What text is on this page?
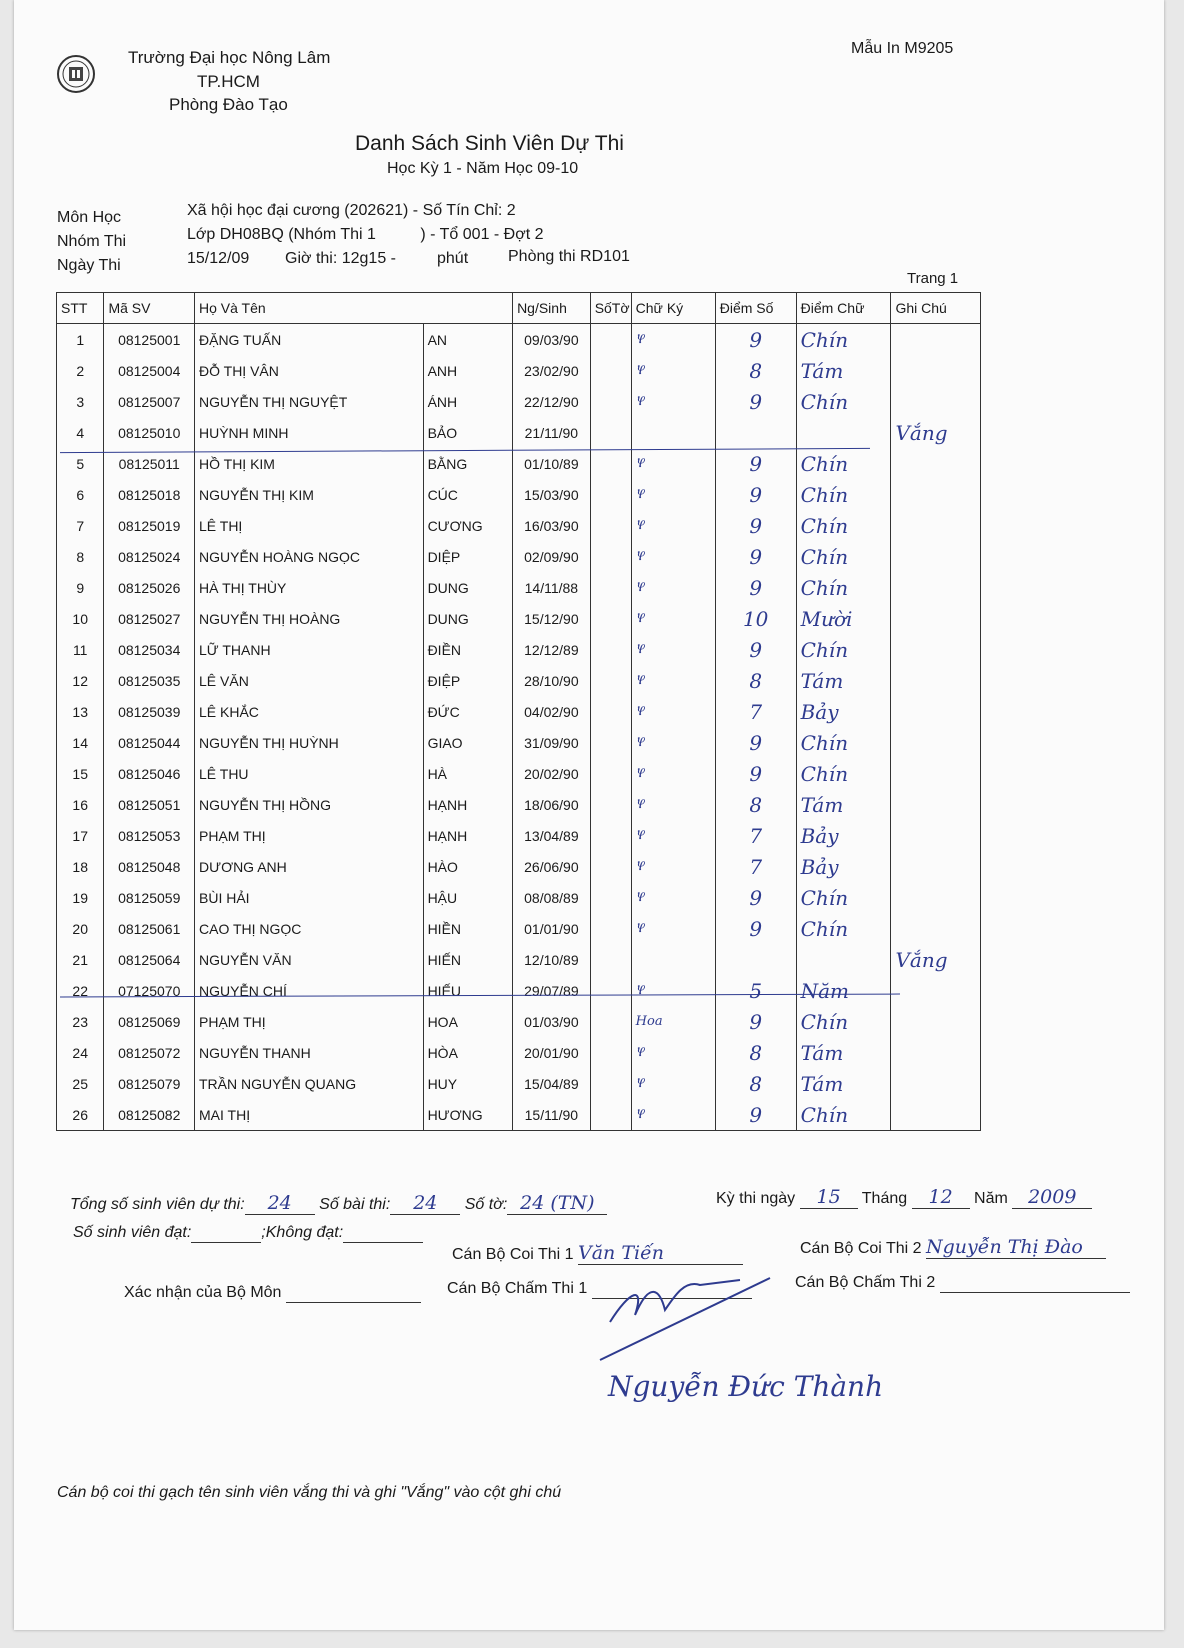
Trường Đại học Nông Lâm
TP.HCM
Phòng Đào Tạo
Mẫu In M9205
Danh Sách Sinh Viên Dự Thi
Học Kỳ 1 - Năm Học 09-10
Môn Học	Xã hội học đại cương (202621) - Số Tín Chỉ: 2
Nhóm Thi	Lớp DH08BQ (Nhóm Thi 1          ) - Tổ 001 - Đợt 2
Ngày Thi	15/12/09 Giờ thi: 12g15 -	phút Phòng thi RD101
Trang 1
STT	Mã SV	Họ Và Tên		Ng/Sinh	SốTờ	Chữ Ký	Điểm Số	Điểm Chữ	Ghi Chú
1	08125001	ĐẶNG TUẤN	AN	09/03/90		Ⳡ	9	Chín	
2	08125004	ĐỖ THỊ VÂN	ANH	23/02/90		Ⳡ	8	Tám	
3	08125007	NGUYỄN THỊ NGUYỆT	ÁNH	22/12/90		Ⳡ	9	Chín	
4	08125010	HUỲNH MINH	BẢO	21/11/90					Vắng
5	08125011	HỒ THỊ KIM	BẰNG	01/10/89		Ⳡ	9	Chín	
6	08125018	NGUYỄN THỊ KIM	CÚC	15/03/90		Ⳡ	9	Chín	
7	08125019	LÊ THỊ	CƯƠNG	16/03/90		Ⳡ	9	Chín	
8	08125024	NGUYỄN HOÀNG NGỌC	DIỆP	02/09/90		Ⳡ	9	Chín	
9	08125026	HÀ THỊ THÙY	DUNG	14/11/88		Ⳡ	9	Chín	
10	08125027	NGUYỄN THỊ HOÀNG	DUNG	15/12/90		Ⳡ	10	Mười	
11	08125034	LỮ THANH	ĐIỀN	12/12/89		Ⳡ	9	Chín	
12	08125035	LÊ VĂN	ĐIỆP	28/10/90		Ⳡ	8	Tám	
13	08125039	LÊ KHẮC	ĐỨC	04/02/90		Ⳡ	7	Bảy	
14	08125044	NGUYỄN THỊ HUỲNH	GIAO	31/09/90		Ⳡ	9	Chín	
15	08125046	LÊ THU	HÀ	20/02/90		Ⳡ	9	Chín	
16	08125051	NGUYỄN THỊ HỒNG	HẠNH	18/06/90		Ⳡ	8	Tám	
17	08125053	PHẠM THỊ	HẠNH	13/04/89		Ⳡ	7	Bảy	
18	08125048	DƯƠNG ANH	HÀO	26/06/90		Ⳡ	7	Bảy	
19	08125059	BÙI HẢI	HẬU	08/08/89		Ⳡ	9	Chín	
20	08125061	CAO THỊ NGỌC	HIỀN	01/01/90		Ⳡ	9	Chín	
21	08125064	NGUYỄN VĂN	HIẾN	12/10/89					Vắng
22	07125070	NGUYỄN CHÍ	HIẾU	29/07/89		Ⳡ	5	Năm	
23	08125069	PHẠM THỊ	HOA	01/03/90		Hoa	9	Chín	
24	08125072	NGUYỄN THANH	HÒA	20/01/90		Ⳡ	8	Tám	
25	08125079	TRẦN NGUYỄN QUANG	HUY	15/04/89		Ⳡ	8	Tám	
26	08125082	MAI THỊ	HƯƠNG	15/11/90		Ⳡ	9	Chín	
Tổng số sinh viên dự thi: 24 Số bài thi: 24 Số tờ: 24 (TN)	Kỳ thi ngày 15 Tháng 12 Năm 2009
Số sinh viên đạt:	;Không đạt:
Cán Bộ Coi Thi 1 Văn Tiến	Cán Bộ Coi Thi 2 Nguyễn Thị Đào
Xác nhận của Bộ Môn	Cán Bộ Chấm Thi 1	Cán Bộ Chấm Thi 2
Nguyễn Đức Thành
Cán bộ coi thi gạch tên sinh viên vắng thi và ghi "Vắng" vào cột ghi chú
